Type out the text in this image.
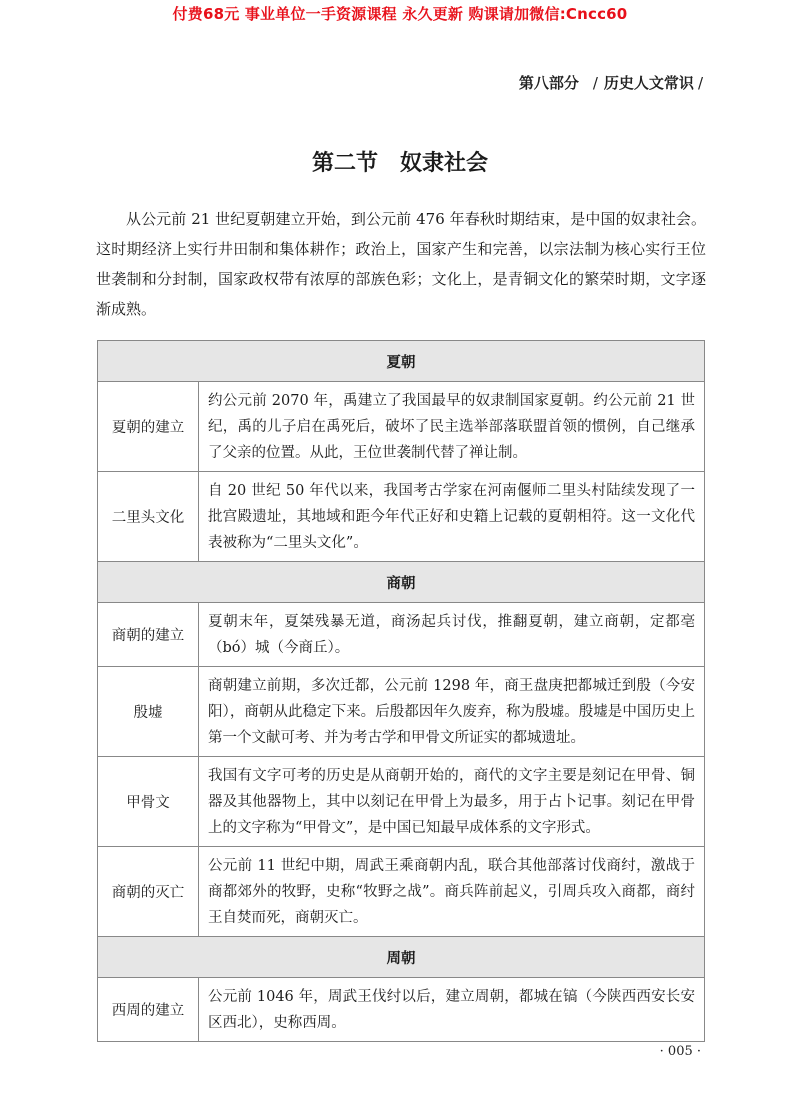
付费68元 事业单位一手资源课程 永久更新 购课请加微信:Cncc60
第八部分 / 历史人文常识 /
第二节 奴隶社会

从公元前 21 世纪夏朝建立开始，到公元前 476 年春秋时期结束，是中国的奴隶社会。这时期经济上实行井田制和集体耕作；政治上，国家产生和完善，以宗法制为核心实行王位世袭制和分封制，国家政权带有浓厚的部族色彩；文化上，是青铜文化的繁荣时期，文字逐渐成熟。

夏朝	
夏朝的建立	约公元前 2070 年，禹建立了我国最早的奴隶制国家夏朝。约公元前 21 世纪，禹的儿子启在禹死后，破坏了民主选举部落联盟首领的惯例，自己继承了父亲的位置。从此，王位世袭制代替了禅让制。
二里头文化	自 20 世纪 50 年代以来，我国考古学家在河南偃师二里头村陆续发现了一批宫殿遗址，其地域和距今年代正好和史籍上记载的夏朝相符。这一文化代表被称为“二里头文化”。
商朝	
商朝的建立	夏朝末年，夏桀残暴无道，商汤起兵讨伐，推翻夏朝，建立商朝，定都亳（bó）城（今商丘）。
殷墟	商朝建立前期，多次迁都，公元前 1298 年，商王盘庚把都城迁到殷（今安阳），商朝从此稳定下来。后殷都因年久废弃，称为殷墟。殷墟是中国历史上第一个文献可考、并为考古学和甲骨文所证实的都城遗址。
甲骨文	我国有文字可考的历史是从商朝开始的，商代的文字主要是刻记在甲骨、铜器及其他器物上，其中以刻记在甲骨上为最多，用于占卜记事。刻记在甲骨上的文字称为“甲骨文”，是中国已知最早成体系的文字形式。
商朝的灭亡	公元前 11 世纪中期，周武王乘商朝内乱，联合其他部落讨伐商纣，激战于商都郊外的牧野，史称“牧野之战”。商兵阵前起义，引周兵攻入商都，商纣王自焚而死，商朝灭亡。
周朝	
西周的建立	公元前 1046 年，周武王伐纣以后，建立周朝，都城在镐（今陕西西安长安区西北），史称西周。
· 005 ·
